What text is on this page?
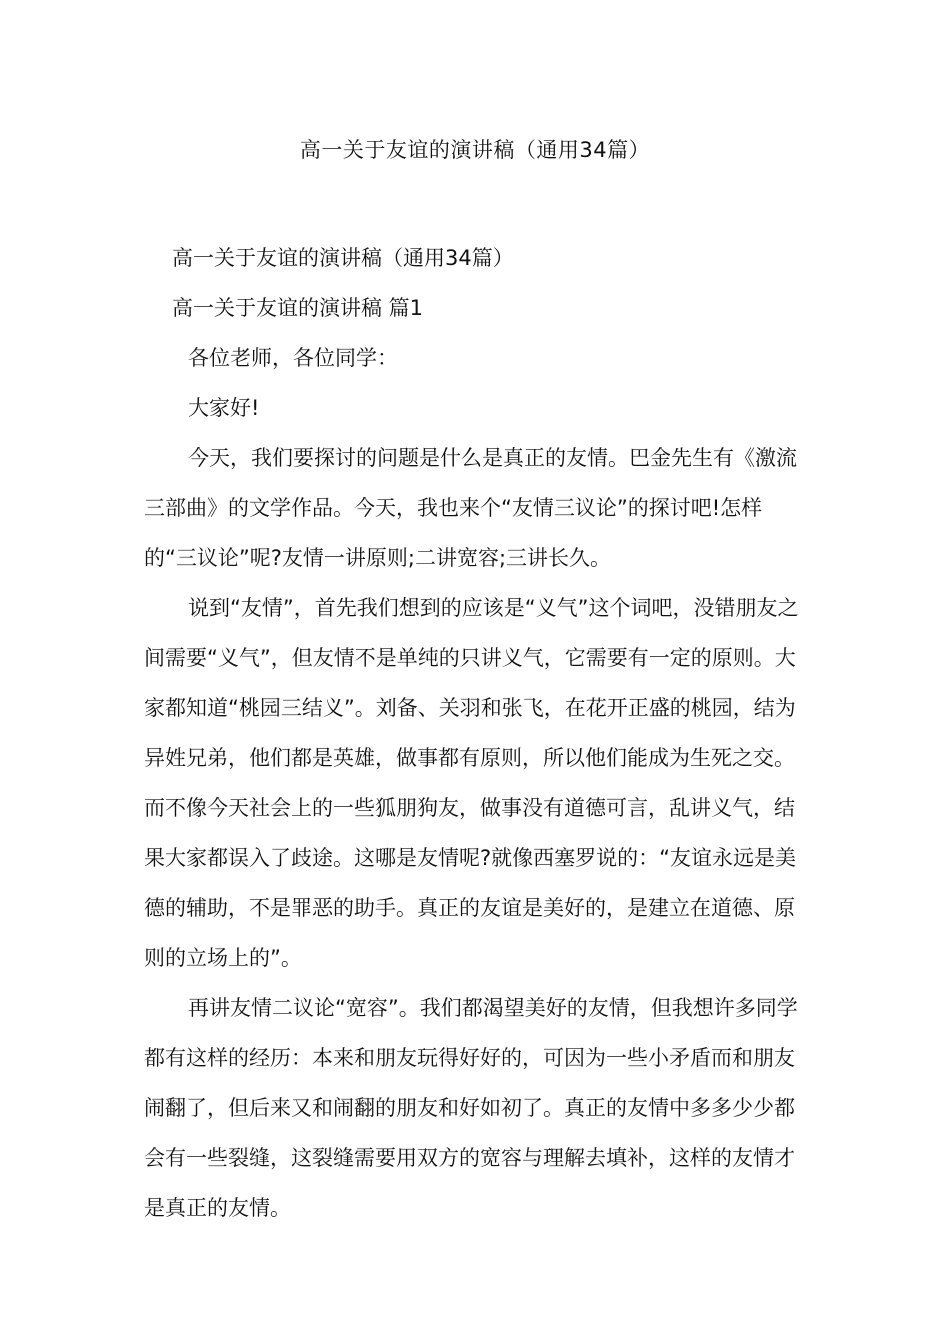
高一关于友谊的演讲稿（通用34篇）

高一关于友谊的演讲稿（通用34篇）

高一关于友谊的演讲稿 篇1

各位老师，各位同学：

大家好!

今天，我们要探讨的问题是什么是真正的友情。巴金先生有《激流三部曲》的文学作品。今天，我也来个“友情三议论”的探讨吧!怎样的“三议论”呢?友情一讲原则;二讲宽容;三讲长久。

说到“友情”，首先我们想到的应该是“义气”这个词吧，没错朋友之间需要“义气”，但友情不是单纯的只讲义气，它需要有一定的原则。大家都知道“桃园三结义”。刘备、关羽和张飞，在花开正盛的桃园，结为异姓兄弟，他们都是英雄，做事都有原则，所以他们能成为生死之交。而不像今天社会上的一些狐朋狗友，做事没有道德可言，乱讲义气，结果大家都误入了歧途。这哪是友情呢?就像西塞罗说的：“友谊永远是美德的辅助，不是罪恶的助手。真正的友谊是美好的，是建立在道德、原则的立场上的”。

再讲友情二议论“宽容”。我们都渴望美好的友情，但我想许多同学都有这样的经历：本来和朋友玩得好好的，可因为一些小矛盾而和朋友闹翻了，但后来又和闹翻的朋友和好如初了。真正的友情中多多少少都会有一些裂缝，这裂缝需要用双方的宽容与理解去填补，这样的友情才是真正的友情。
